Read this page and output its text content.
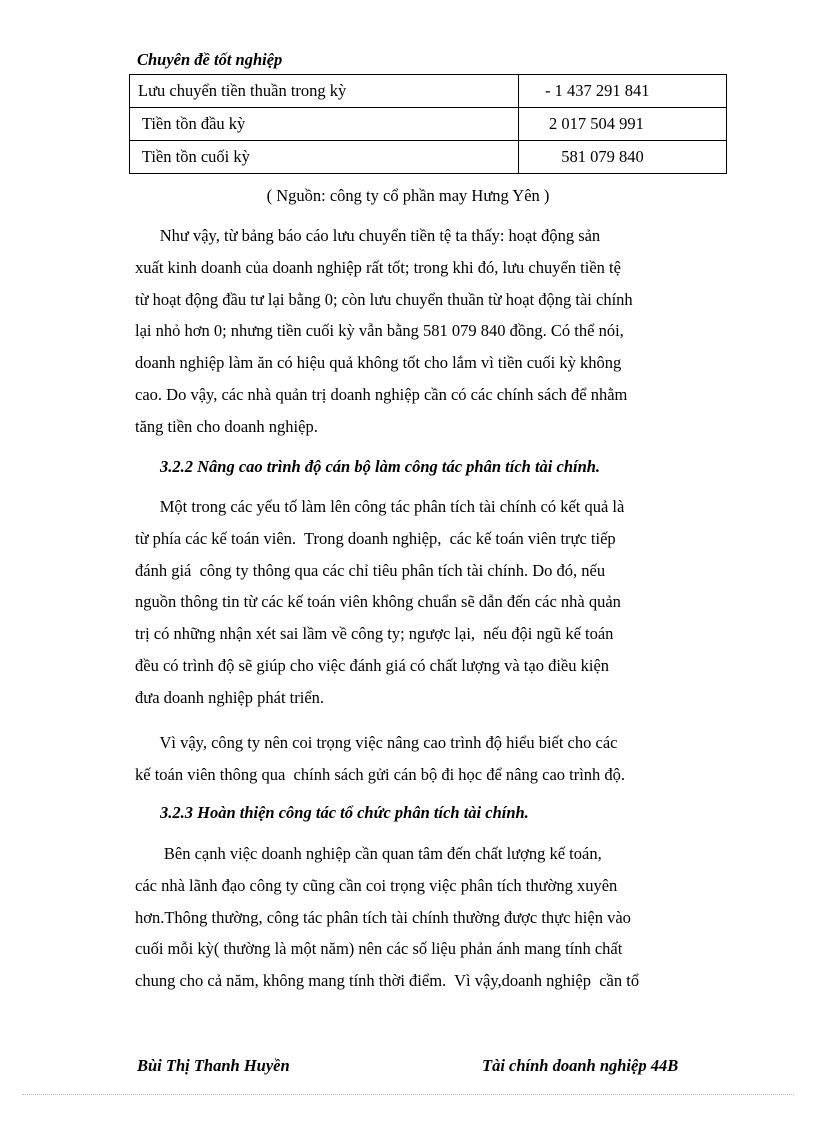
Chuyên đề tốt nghiệp
Lưu chuyển tiền thuần trong kỳ	- 1 437 291 841
Tiền tồn đầu kỳ	2 017 504 991
Tiền tồn cuối kỳ	581 079 840
( Nguồn: công ty cổ phần may Hưng Yên )
Như vậy, từ bảng báo cáo lưu chuyển tiền tệ ta thấy: hoạt động sản
xuất kinh doanh của doanh nghiệp rất tốt; trong khi đó, lưu chuyển tiền tệ
từ hoạt động đầu tư lại bằng 0; còn lưu chuyển thuần từ hoạt động tài chính
lại nhỏ hơn 0; nhưng tiền cuối kỳ vẫn bằng 581 079 840 đồng. Có thể nói,
doanh nghiệp làm ăn có hiệu quả không tốt cho lắm vì tiền cuối kỳ không
cao. Do vậy, các nhà quản trị doanh nghiệp cần có các chính sách để nhằm
tăng tiền cho doanh nghiệp.
3.2.2 Nâng cao trình độ cán bộ làm công tác phân tích tài chính.
Một trong các yếu tố làm lên công tác phân tích tài chính có kết quả là
từ phía các kế toán viên.  Trong doanh nghiệp,  các kế toán viên trực tiếp
đánh giá  công ty thông qua các chỉ tiêu phân tích tài chính. Do đó, nếu
nguồn thông tin từ các kế toán viên không chuẩn sẽ dẫn đến các nhà quản
trị có những nhận xét sai lầm về công ty; ngược lại,  nếu đội ngũ kế toán
đều có trình độ sẽ giúp cho việc đánh giá có chất lượng và tạo điều kiện
đưa doanh nghiệp phát triển.
Vì vậy, công ty nên coi trọng việc nâng cao trình độ hiểu biết cho các
kế toán viên thông qua  chính sách gửi cán bộ đi học để nâng cao trình độ.
3.2.3 Hoàn thiện công tác tổ chức phân tích tài chính.
Bên cạnh việc doanh nghiệp cần quan tâm đến chất lượng kế toán,
các nhà lãnh đạo công ty cũng cần coi trọng việc phân tích thường xuyên
hơn.Thông thường, công tác phân tích tài chính thường được thực hiện vào
cuối mỗi kỳ( thường là một năm) nên các số liệu phản ánh mang tính chất
chung cho cả năm, không mang tính thời điểm.  Vì vậy,doanh nghiệp  cần tổ
Bùi Thị Thanh Huyền	Tài chính doanh nghiệp 44B
